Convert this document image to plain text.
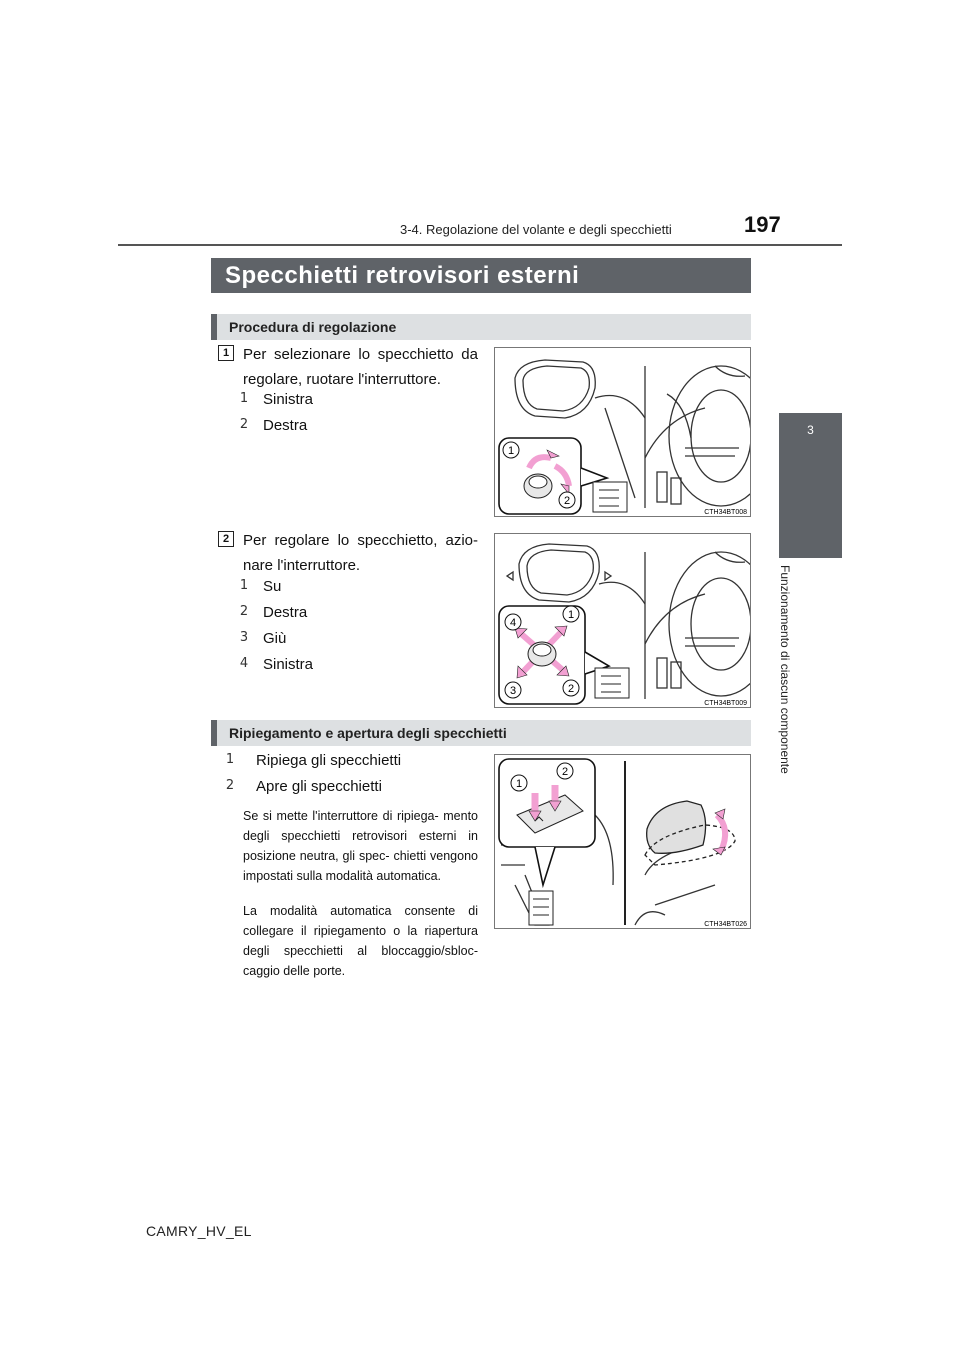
3-4. Regolazione del volante e degli specchietti	197
3
Funzionamento di ciascun componente
Specchietti retrovisori esterni
Procedura di regolazione
1 Per selezionare lo specchietto da regolare, ruotare l'interruttore.
1 Sinistra
2 Destra
1
2
CTH34BT008
2 Per regolare lo specchietto, azio- nare l'interruttore.
1 Su
2 Destra
3 Giù
4 Sinistra
1
2
3
4
CTH34BT009
Ripiegamento e apertura degli specchietti
1 Ripiega gli specchietti
2 Apre gli specchietti
Se si mette l'interruttore di ripiega- mento degli specchietti retrovisori esterni in posizione neutra, gli spec- chietti vengono impostati sulla modalità automatica.
La modalità automatica consente di collegare il ripiegamento o la riapertura degli specchietti al bloccaggio/sbloc- caggio delle porte.
1
2
CTH34BT026
CAMRY_HV_EL
